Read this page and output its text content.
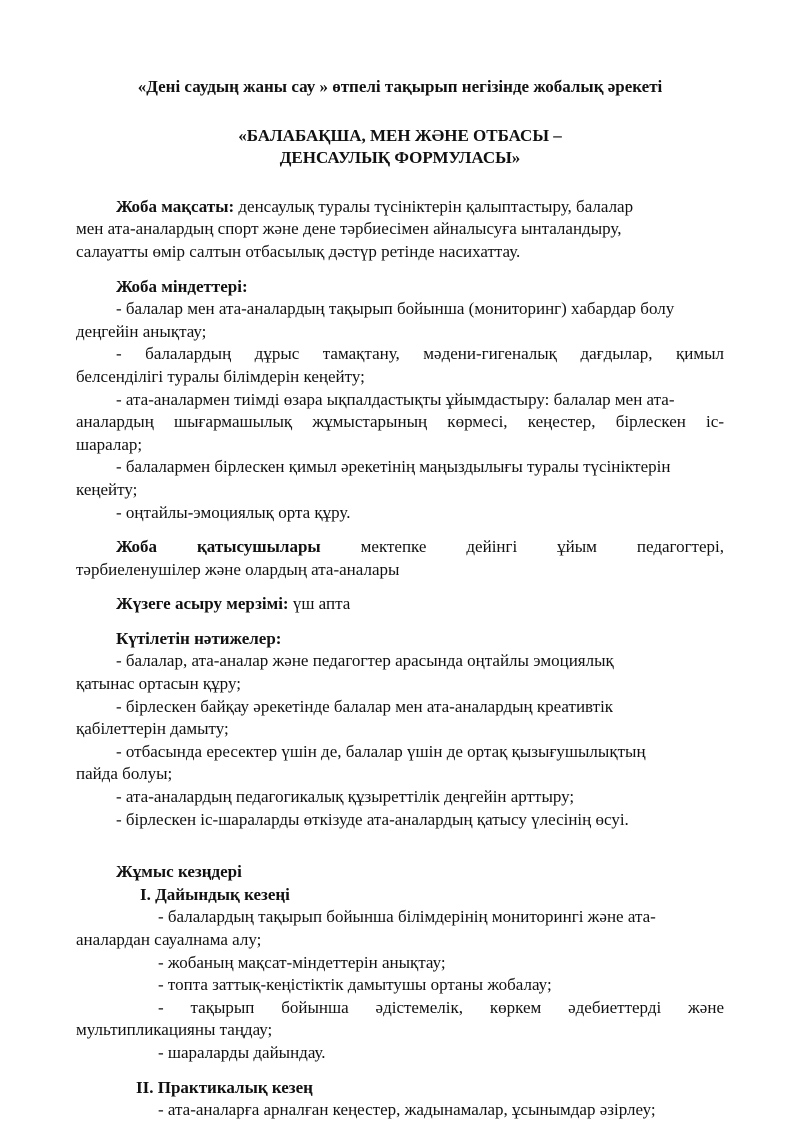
«Дені саудың жаны сау » өтпелі тақырып негізінде жобалық әрекеті

«БАЛАБАҚША, МЕН ЖӘНЕ ОТБАСЫ –
ДЕНСАУЛЫҚ ФОРМУЛАСЫ»

Жоба мақсаты: денсаулық туралы түсініктерін қалыптастыру, балалар

мен ата-аналардың спорт және дене тәрбиесімен айналысуға ынталандыру,

салауатты өмір салтын отбасылық дәстүр ретінде насихаттау.

Жоба міндеттері:

- балалар мен ата-аналардың тақырып бойынша (мониторинг) хабардар болу

деңгейін анықтау;

- балалардың дұрыс тамақтану, мәдени-гигеналық дағдылар, қимыл

белсенділігі туралы білімдерін кеңейту;

- ата-аналармен тиімді өзара ықпалдастықты ұйымдастыру: балалар мен ата-

аналардың шығармашылық жұмыстарының көрмесі, кеңестер, бірлескен іс-

шаралар;

- балалармен бірлескен қимыл әрекетінің маңыздылығы туралы түсініктерін

кеңейту;

- оңтайлы-эмоциялық орта құру.

Жоба қатысушылары мектепке дейінгі ұйым педагогтері,

тәрбиеленушілер және олардың ата-аналары

Жүзеге асыру мерзімі: үш апта

Күтілетін нәтижелер:

- балалар, ата-аналар және педагогтер арасында оңтайлы эмоциялық

қатынас ортасын құру;

- бірлескен байқау әрекетінде балалар мен ата-аналардың креативтік

қабілеттерін дамыту;

- отбасында ересектер үшін де, балалар үшін де ортақ қызығушылықтың

пайда болуы;

- ата-аналардың педагогикалық құзыреттілік деңгейін арттыру;

- бірлескен іс-шараларды өткізуде ата-аналардың қатысу үлесінің өсуі.

Жұмыс кезңдері

I. Дайындық кезеңі

- балалардың тақырып бойынша білімдерінің мониторингі және ата-

аналардан сауалнама алу;

- жобаның мақсат-міндеттерін анықтау;

- топта заттық-кеңістіктік дамытушы ортаны жобалау;

- тақырып бойынша әдістемелік, көркем әдебиеттерді және

мультипликацияны таңдау;

- шараларды дайындау.

II. Практикалық кезең

- ата-аналарға арналған кеңестер, жадынамалар, ұсынымдар әзірлеу;
